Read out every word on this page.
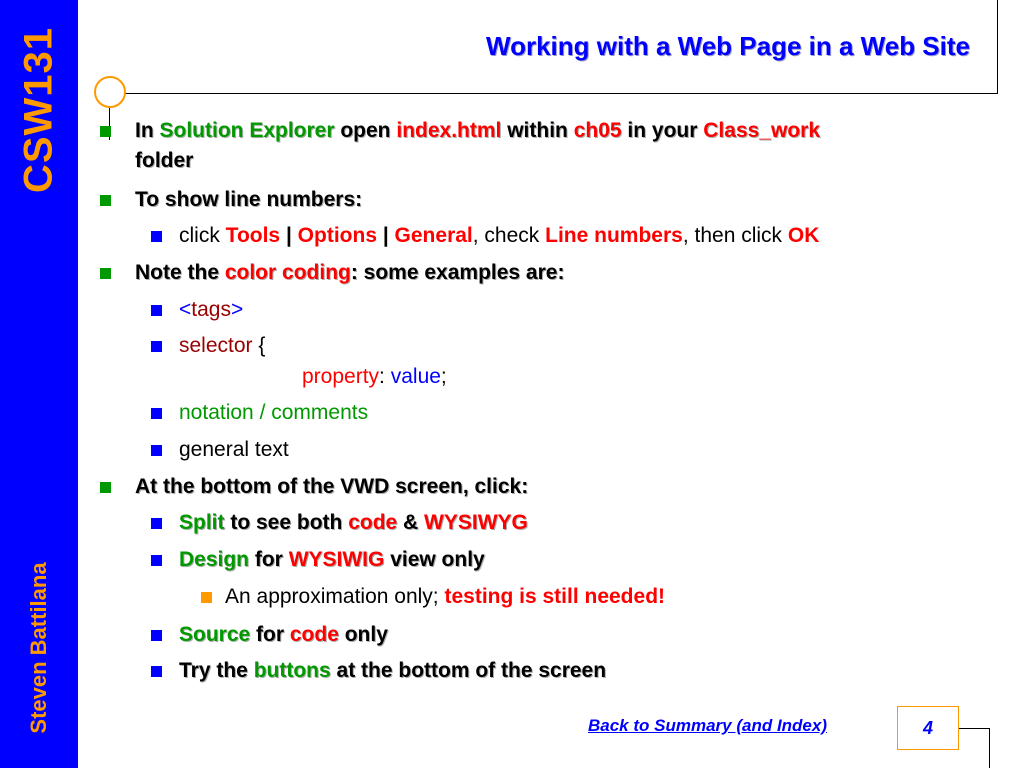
CSW131
Steven Battilana
Working with a Web Page in a Web Site
In Solution Explorer open index.html within ch05 in your Class_work
folder
To show line numbers:
click Tools | Options | General, check Line numbers, then click OK
Note the color coding: some examples are:
<tags>
selector {
property: value;
notation / comments
general text
At the bottom of the VWD screen, click:
Split to see both code & WYSIWYG
Design for WYSIWIG view only
An approximation only; testing is still needed!
Source for code only
Try the buttons at the bottom of the screen
Back to Summary (and Index)	4
